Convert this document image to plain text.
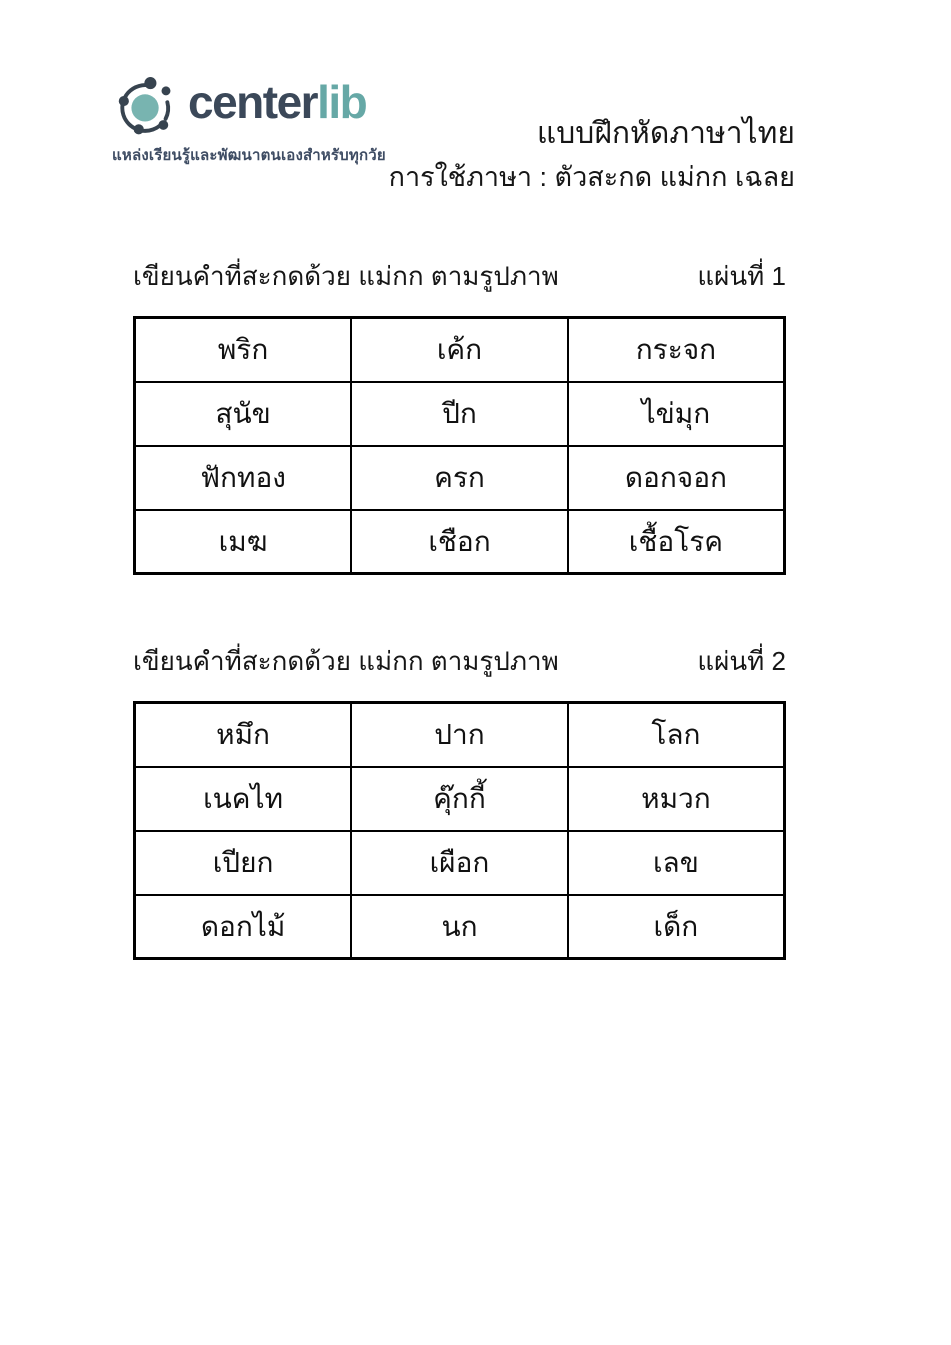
centerlib
แหล่งเรียนรู้และพัฒนาตนเองสำหรับทุกวัย
แบบฝึกหัดภาษาไทย
การใช้ภาษา : ตัวสะกด แม่กก เฉลย
เขียนคำที่สะกดด้วย แม่กก ตามรูปภาพ	แผ่นที่ 1
พริก	เค้ก	กระจก
สุนัข	ปีก	ไข่มุก
ฟักทอง	ครก	ดอกจอก
เมฆ	เชือก	เชื้อโรค
เขียนคำที่สะกดด้วย แม่กก ตามรูปภาพ	แผ่นที่ 2
หมึก	ปาก	โลก
เนคไท	คุ๊กกี้	หมวก
เปียก	เผือก	เลข
ดอกไม้	นก	เด็ก
